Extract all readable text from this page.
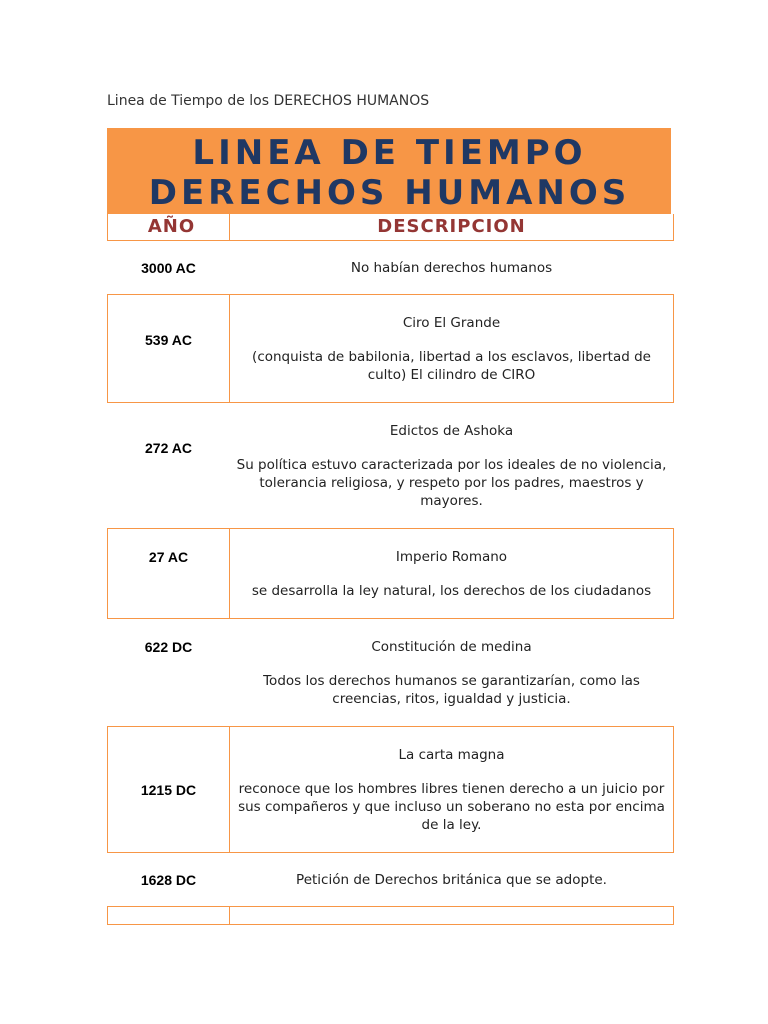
Linea de Tiempo de los DERECHOS HUMANOS
LINEA DE TIEMPO
DERECHOS HUMANOS
AÑO	DESCRIPCION
3000 AC	No habían derechos humanos

539 AC	Ciro El Grande
(conquista de babilonia, libertad a los esclavos, libertad de culto) El cilindro de CIRO

272 AC	Edictos de Ashoka
Su política estuvo caracterizada por los ideales de no violencia, tolerancia religiosa, y respeto por los padres, maestros y mayores.

27 AC	Imperio Romano
se desarrolla la ley natural, los derechos de los ciudadanos

622 DC	Constitución de medina
Todos los derechos humanos se garantizarían, como las creencias, ritos, igualdad y justicia.

1215 DC	La carta magna
reconoce que los hombres libres tienen derecho a un juicio por sus compañeros y que incluso un soberano no esta por encima de la ley.

1628 DC	Petición de Derechos británica que se adopte.
